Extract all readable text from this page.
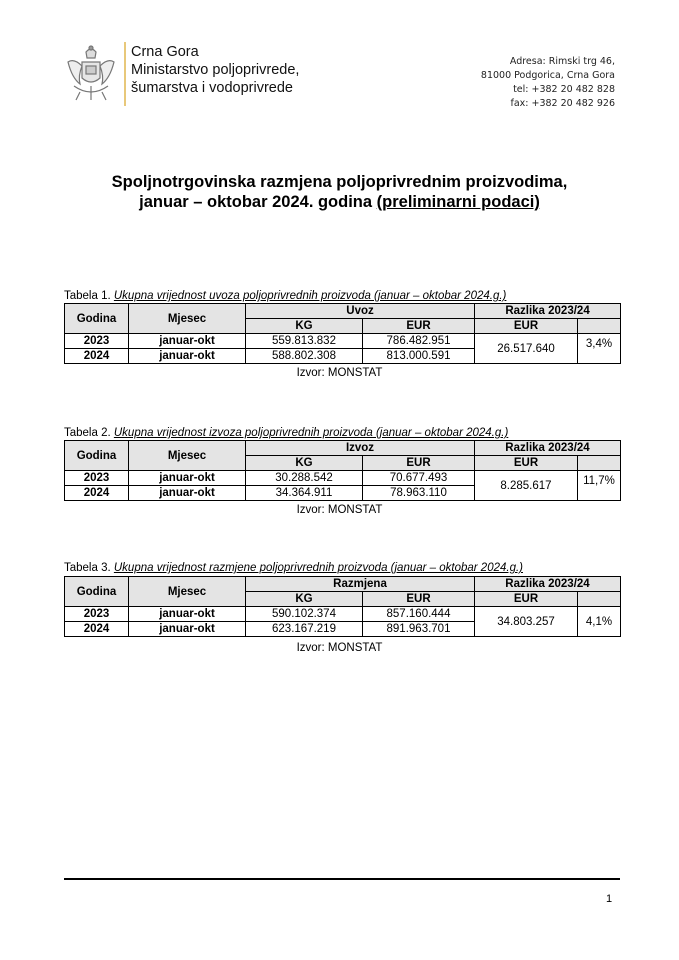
Crna Gora
Ministarstvo poljoprivrede,
šumarstva i vodoprivrede
Adresa: Rimski trg 46,
81000 Podgorica, Crna Gora
tel: +382 20 482 828
fax: +382 20 482 926
Spoljnotrgovinska razmjena poljoprivrednim proizvodima,
januar – oktobar 2024. godina (preliminarni podaci)
Tabela 1. Ukupna vrijednost uvoza poljoprivrednih proizvoda (januar – oktobar 2024.g.)
Godina	Mjesec	Uvoz		Razlika 2023/24	
		KG	EUR	EUR	
2023	januar-okt	559.813.832	786.482.951	26.517.640	3,4%
2024	januar-okt	588.802.308	813.000.591		
Izvor: MONSTAT
Tabela 2. Ukupna vrijednost izvoza poljoprivrednih proizvoda (januar – oktobar 2024.g.)
Godina	Mjesec	Izvoz		Razlika 2023/24	
		KG	EUR	EUR	
2023	januar-okt	30.288.542	70.677.493	8.285.617	11,7%
2024	januar-okt	34.364.911	78.963.110		
Izvor: MONSTAT
Tabela 3. Ukupna vrijednost razmjene poljoprivrednih proizvoda (januar – oktobar 2024.g.)
Godina	Mjesec	Razmjena		Razlika 2023/24	
		KG	EUR	EUR	
2023	januar-okt	590.102.374	857.160.444	34.803.257	4,1%
2024	januar-okt	623.167.219	891.963.701		
Izvor: MONSTAT
1
